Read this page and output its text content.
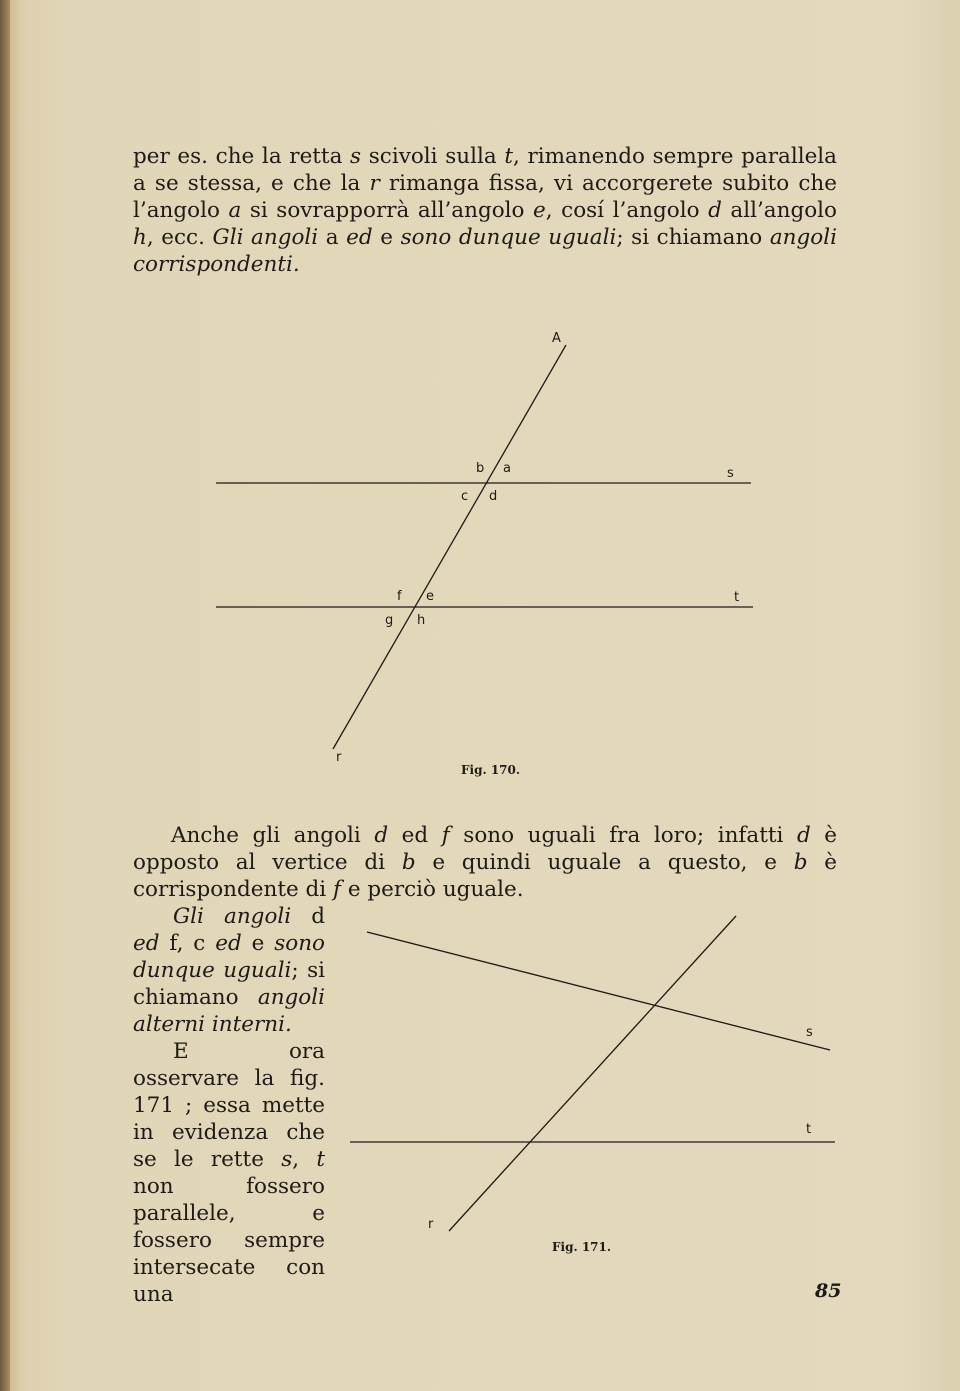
per es. che la retta s scivoli sulla t, rimanendo sempre parallela a se stessa, e che la r rimanga fissa, vi accorgerete subito che l’angolo a si sovrapporrà all’angolo e, cosí l’angolo d all’angolo h, ecc. Gli angoli a ed e sono dunque uguali; si chiamano angoli corrispondenti.
A
s
t
r
b a
c d
f e
g h
s
t
r
Fig. 170.
Anche gli angoli d ed f sono uguali fra loro; infatti d è opposto al vertice di b e quindi uguale a questo, e b è corrispondente di f e perciò uguale.
Gli angoli d ed f, c ed e sono dunque uguali; si chiamano angoli alterni interni.
E ora osservare la fig. 171 ; essa mette in evidenza che se le rette s, t non fossero parallele, e fossero sempre intersecate con una
Fig. 171.
85
